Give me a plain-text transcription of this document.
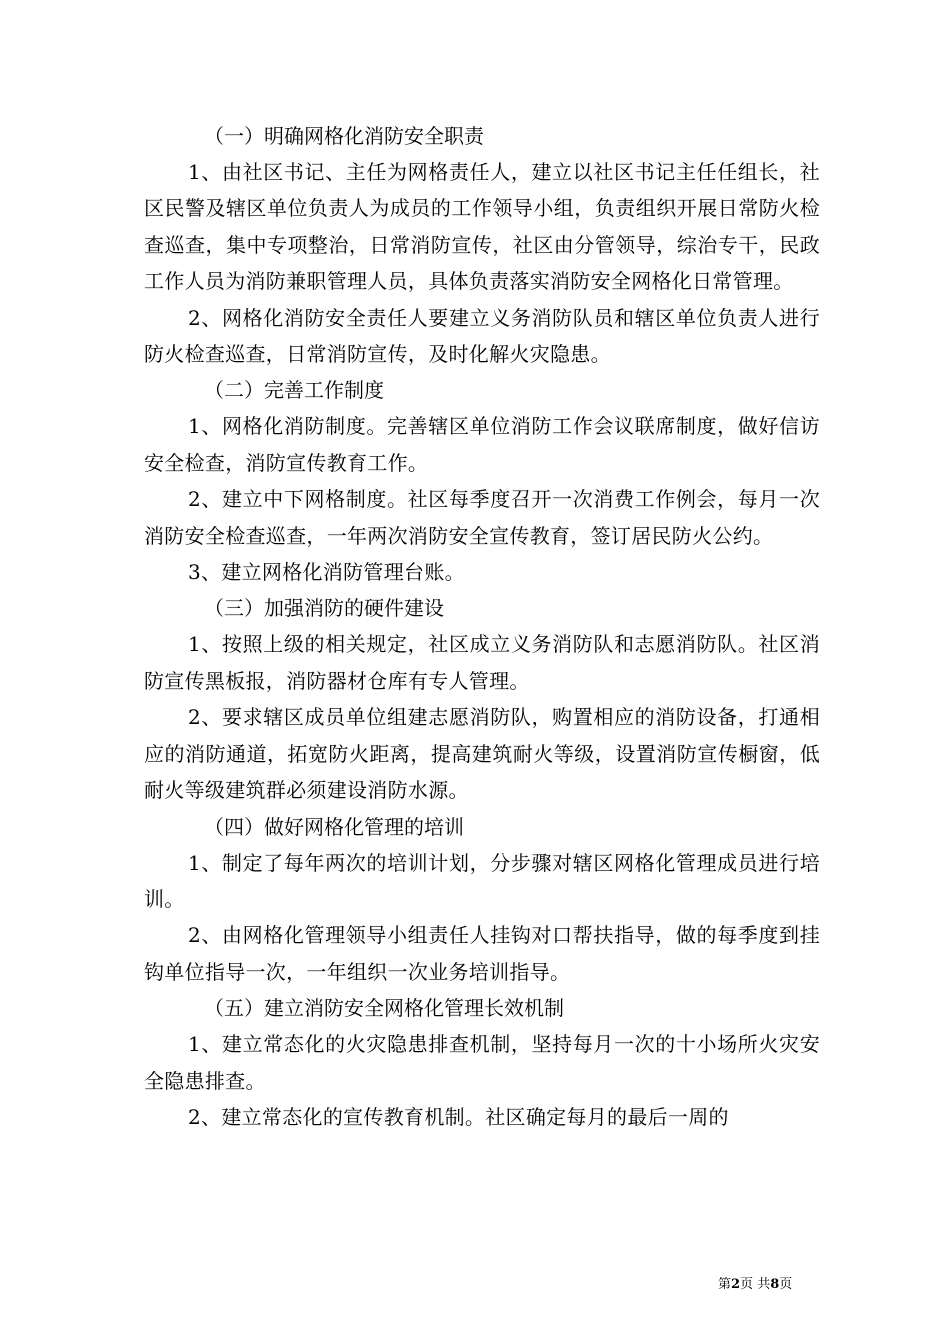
（一）明确网格化消防安全职责

1、由社区书记、主任为网格责任人，建立以社区书记主任任组长，社区民警及辖区单位负责人为成员的工作领导小组，负责组织开展日常防火检查巡查，集中专项整治，日常消防宣传，社区由分管领导，综治专干，民政工作人员为消防兼职管理人员，具体负责落实消防安全网格化日常管理。

2、网格化消防安全责任人要建立义务消防队员和辖区单位负责人进行防火检查巡查，日常消防宣传，及时化解火灾隐患。

（二）完善工作制度

1、网格化消防制度。完善辖区单位消防工作会议联席制度，做好信访安全检查，消防宣传教育工作。

2、建立中下网格制度。社区每季度召开一次消费工作例会，每月一次消防安全检查巡查，一年两次消防安全宣传教育，签订居民防火公约。

3、建立网格化消防管理台账。

（三）加强消防的硬件建设

1、按照上级的相关规定，社区成立义务消防队和志愿消防队。社区消防宣传黑板报，消防器材仓库有专人管理。

2、要求辖区成员单位组建志愿消防队，购置相应的消防设备，打通相应的消防通道，拓宽防火距离，提高建筑耐火等级，设置消防宣传橱窗，低耐火等级建筑群必须建设消防水源。

（四）做好网格化管理的培训

1、制定了每年两次的培训计划，分步骤对辖区网格化管理成员进行培训。

2、由网格化管理领导小组责任人挂钩对口帮扶指导，做的每季度到挂钩单位指导一次，一年组织一次业务培训指导。

（五）建立消防安全网格化管理长效机制

1、建立常态化的火灾隐患排查机制，坚持每月一次的十小场所火灾安全隐患排查。

2、建立常态化的宣传教育机制。社区确定每月的最后一周的

第2页 共8页
